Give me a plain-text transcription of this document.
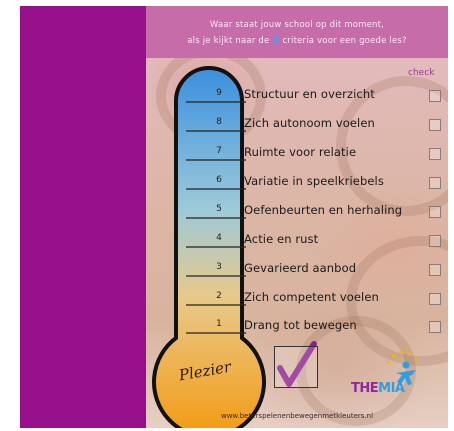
Waar staat jouw school op dit moment,
als je kijkt naar de 9 criteria voor een goede les?
check
9
8
7
6
5
4
3
2
1
Structuur en overzicht
Zich autonoom voelen
Ruimte voor relatie
Variatie in speelkriebels
Oefenbeurten en herhaling
Actie en rust
Gevarieerd aanbod
Zich competent voelen
Drang tot bewegen
Plezier
THEMIA
www.beterspelenenbewegenmetkleuters.nl
